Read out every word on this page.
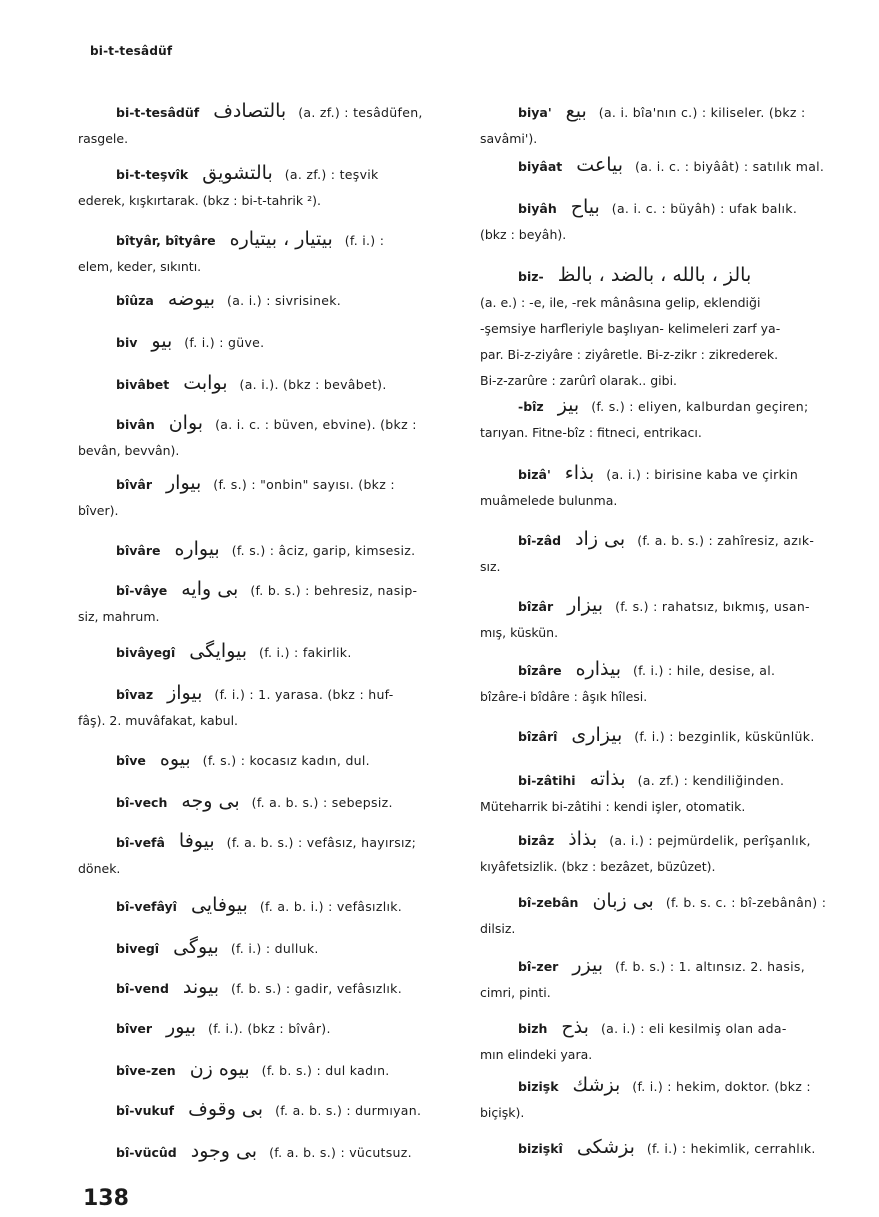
bi-t-tesâdüf
bi-t-tesâdüf بالتصادف (a. zf.) : tesâdüfen,
rasgele.
bi-t-teşvîk بالتشويق (a. zf.) : teşvik
ederek, kışkırtarak. (bkz : bi-t-tahrik ²).
bîtyâr, bîtyâre بيتيار ، بيتياره (f. i.) :
elem, keder, sıkıntı.
bîûza بيوضه (a. i.) : sivrisinek.
biv بيو (f. i.) : güve.
bivâbet بوابت (a. i.). (bkz : bevâbet).
bivân بوان (a. i. c. : büven, ebvine). (bkz :
bevân, bevvân).
bîvâr بيوار (f. s.) : "onbin" sayısı. (bkz :
bîver).
bîvâre بيواره (f. s.) : âciz, garip, kimsesiz.
bî-vâye بى وايه (f. b. s.) : behresiz, nasip-
siz, mahrum.
bivâyegî بيوايگى (f. i.) : fakirlik.
bîvaz بيواز (f. i.) : 1. yarasa. (bkz : huf-
fâş). 2. muvâfakat, kabul.
bîve بيوه (f. s.) : kocasız kadın, dul.
bî-vech بى وجه (f. a. b. s.) : sebepsiz.
bî-vefâ بيوفا (f. a. b. s.) : vefâsız, hayırsız;
dönek.
bî-vefâyî بيوفايى (f. a. b. i.) : vefâsızlık.
bivegî بيوگى (f. i.) : dulluk.
bî-vend بيوند (f. b. s.) : gadir, vefâsızlık.
bîver بيور (f. i.). (bkz : bîvâr).
bîve-zen بيوه زن (f. b. s.) : dul kadın.
bî-vukuf بى وقوف (f. a. b. s.) : durmıyan.
bî-vücûd بى وجود (f. a. b. s.) : vücutsuz.
biya' بيع (a. i. bîa'nın c.) : kiliseler. (bkz :
savâmi').
biyâat بياعت (a. i. c. : biyâât) : satılık mal.
biyâh بياح (a. i. c. : büyâh) : ufak balık.
(bkz : beyâh).
biz- بالز ، بالله ، بالضد ، بالظ
(a. e.) : -e, ile, -rek mânâsına gelip, eklendiği
-şemsiye harfleriyle başlıyan- kelimeleri zarf ya-
par. Bi-z-ziyâre : ziyâretle. Bi-z-zikr : zikrederek.
Bi-z-zarûre : zarûrî olarak.. gibi.
-bîz بيز (f. s.) : eliyen, kalburdan geçiren;
tarıyan. Fitne-bîz : fitneci, entrikacı.
bizâ' بذاء (a. i.) : birisine kaba ve çirkin
muâmelede bulunma.
bî-zâd بى زاد (f. a. b. s.) : zahîresiz, azık-
sız.
bîzâr بيزار (f. s.) : rahatsız, bıkmış, usan-
mış, küskün.
bîzâre بيذاره (f. i.) : hile, desise, al.
bîzâre-i bîdâre : âşık hîlesi.
bîzârî بيزارى (f. i.) : bezginlik, küskünlük.
bi-zâtihi بذاته (a. zf.) : kendiliğinden.
Müteharrik bi-zâtihi : kendi işler, otomatik.
bizâz بذاذ (a. i.) : pejmürdelik, perîşanlık,
kıyâfetsizlik. (bkz : bezâzet, büzûzet).
bî-zebân بى زبان (f. b. s. c. : bî-zebânân) :
dilsiz.
bî-zer بيزر (f. b. s.) : 1. altınsız. 2. hasis,
cimri, pinti.
bizh بذح (a. i.) : eli kesilmiş olan ada-
mın elindeki yara.
bizişk بزشك (f. i.) : hekim, doktor. (bkz :
biçişk).
bizişkî بزشكى (f. i.) : hekimlik, cerrahlık.
138
